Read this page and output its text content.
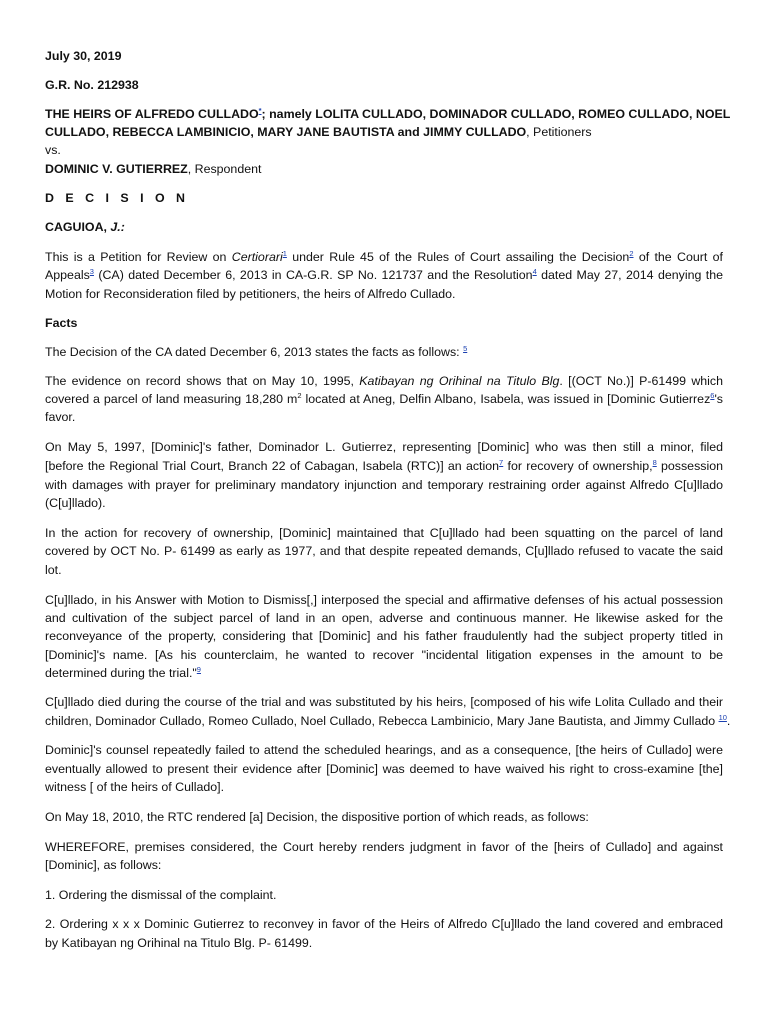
July 30, 2019
G.R. No. 212938
THE HEIRS OF ALFREDO CULLADO*; namely LOLITA CULLADO, DOMINADOR CULLADO, ROMEO CULLADO, NOEL
CULLADO, REBECCA LAMBINICIO, MARY JANE BAUTISTA and JIMMY CULLADO, Petitioners
vs.
DOMINIC V. GUTIERREZ, Respondent
D E C I S I O N
CAGUIOA, J.:
This is a Petition for Review on Certiorari$^1$ under Rule 45 of the Rules of Court assailing the Decision$^2$ of the Court of
Appeals$^3$ (CA) dated December 6, 2013 in CA-G.R. SP No. 121737 and the Resolution$^4$ dated May 27, 2014 denying the
Motion for Reconsideration filed by petitioners, the heirs of Alfredo Cullado.
Facts
The Decision of the CA dated December 6, 2013 states the facts as follows: $^5$
The evidence on record shows that on May 10, 1995, Katibayan ng Orihinal na Titulo Blg. [(OCT No.)] P-61499 which
covered a parcel of land measuring 18,280 $m^2$ located at Aneg, Delfin Albano, Isabela, was issued in [Dominic Gutierrez$^6$'s
favor.
On May 5, 1997, [Dominic]'s father, Dominador L. Gutierrez, representing [Dominic] who was then still a minor, filed
[before the Regional Trial Court, Branch 22 of Cabagan, Isabela (RTC)] an action$^7$ for recovery of ownership,$^8$ possession
with damages with prayer for preliminary mandatory injunction and temporary restraining order against Alfredo C[u]llado
(C[u]llado).
In the action for recovery of ownership, [Dominic] maintained that C[u]llado had been squatting on the parcel of land
covered by OCT No. P- 61499 as early as 1977, and that despite repeated demands, C[u]llado refused to vacate the said
lot.
C[u]llado, in his Answer with Motion to Dismiss[,] interposed the special and affirmative defenses of his actual possession
and cultivation of the subject parcel of land in an open, adverse and continuous manner. He likewise asked for the
reconveyance of the property, considering that [Dominic] and his father fraudulently had the subject property titled in
[Dominic]'s name. [As his counterclaim, he wanted to recover "incidental litigation expenses in the amount to be
determined during the trial."$^9$
C[u]llado died during the course of the trial and was substituted by his heirs, [composed of his wife Lolita Cullado and their
children, Dominador Cullado, Romeo Cullado, Noel Cullado, Rebecca Lambinicio, Mary Jane Bautista, and Jimmy Cullado $^{10}$.
Dominic]'s counsel repeatedly failed to attend the scheduled hearings, and as a consequence, [the heirs of Cullado] were
eventually allowed to present their evidence after [Dominic] was deemed to have waived his right to cross-examine [the]
witness [ of the heirs of Cullado].
On May 18, 2010, the RTC rendered [a] Decision, the dispositive portion of which reads, as follows:
WHEREFORE, premises considered, the Court hereby renders judgment in favor of the [heirs of Cullado] and against
[Dominic], as follows:
1. Ordering the dismissal of the complaint.
2. Ordering x x x Dominic Gutierrez to reconvey in favor of the Heirs of Alfredo C[u]llado the land covered and embraced
by Katibayan ng Orihinal na Titulo Blg. P- 61499.
